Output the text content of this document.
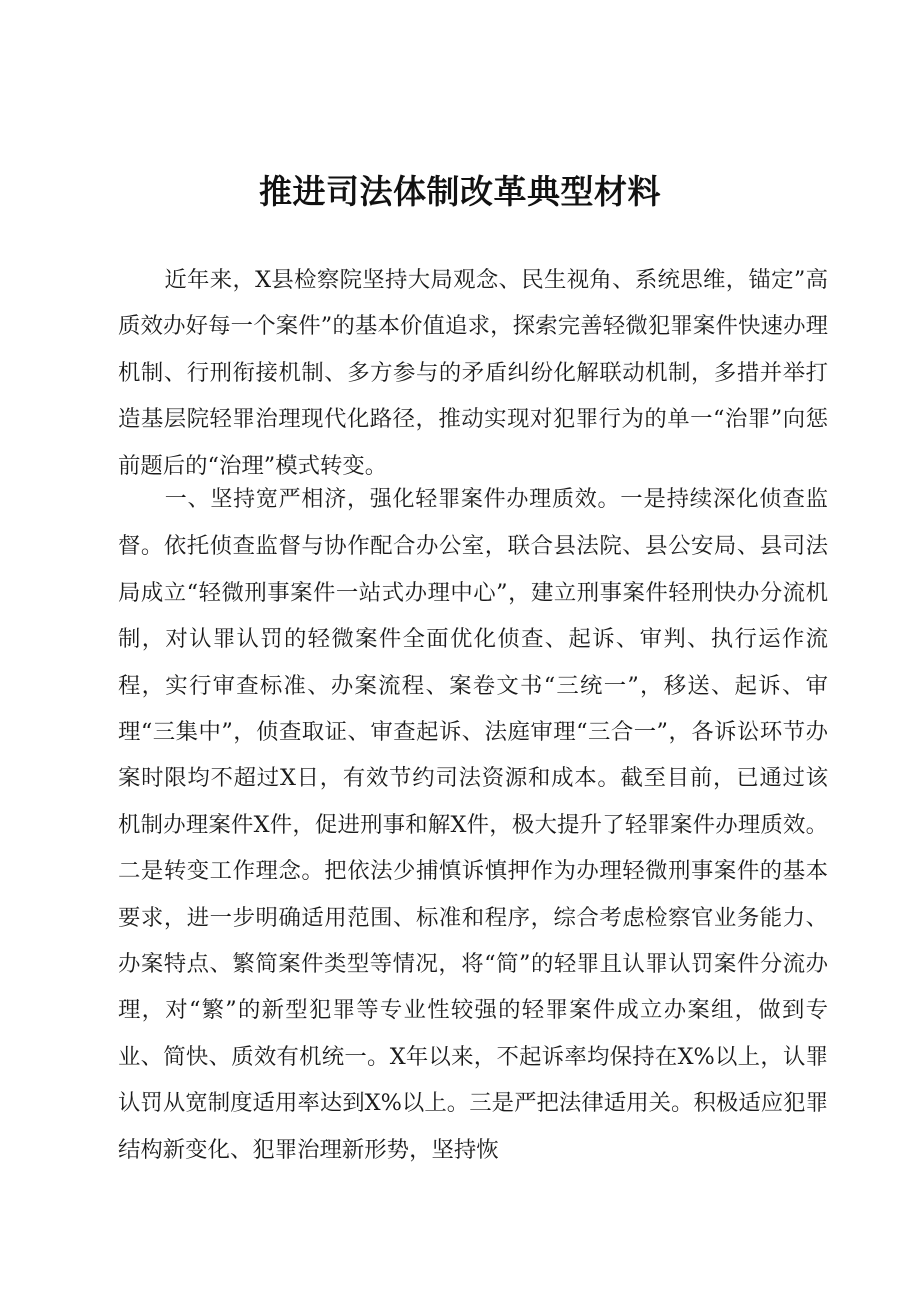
推进司法体制改革典型材料

近年来，X县检察院坚持大局观念、民生视角、系统思维，锚定”高质效办好每一个案件”的基本价值追求，探索完善轻微犯罪案件快速办理机制、行刑衔接机制、多方参与的矛盾纠纷化解联动机制，多措并举打造基层院轻罪治理现代化路径，推动实现对犯罪行为的单一“治罪”向惩前题后的“治理”模式转变。

一、坚持宽严相济，强化轻罪案件办理质效。一是持续深化侦查监督。依托侦查监督与协作配合办公室，联合县法院、县公安局、县司法局成立“轻微刑事案件一站式办理中心”，建立刑事案件轻刑快办分流机制，对认罪认罚的轻微案件全面优化侦查、起诉、审判、执行运作流程，实行审查标准、办案流程、案卷文书“三统一”，移送、起诉、审理“三集中”，侦查取证、审查起诉、法庭审理“三合一”，各诉讼环节办案时限均不超过X日，有效节约司法资源和成本。截至目前，已通过该机制办理案件X件，促进刑事和解X件，极大提升了轻罪案件办理质效。二是转变工作理念。把依法少捕慎诉慎押作为办理轻微刑事案件的基本要求，进一步明确适用范围、标准和程序，综合考虑检察官业务能力、办案特点、繁简案件类型等情况，将“简”的轻罪且认罪认罚案件分流办理，对“繁”的新型犯罪等专业性较强的轻罪案件成立办案组，做到专业、简快、质效有机统一。X年以来，不起诉率均保持在X%以上，认罪认罚从宽制度适用率达到X%以上。三是严把法律适用关。积极适应犯罪结构新变化、犯罪治理新形势，坚持恢
